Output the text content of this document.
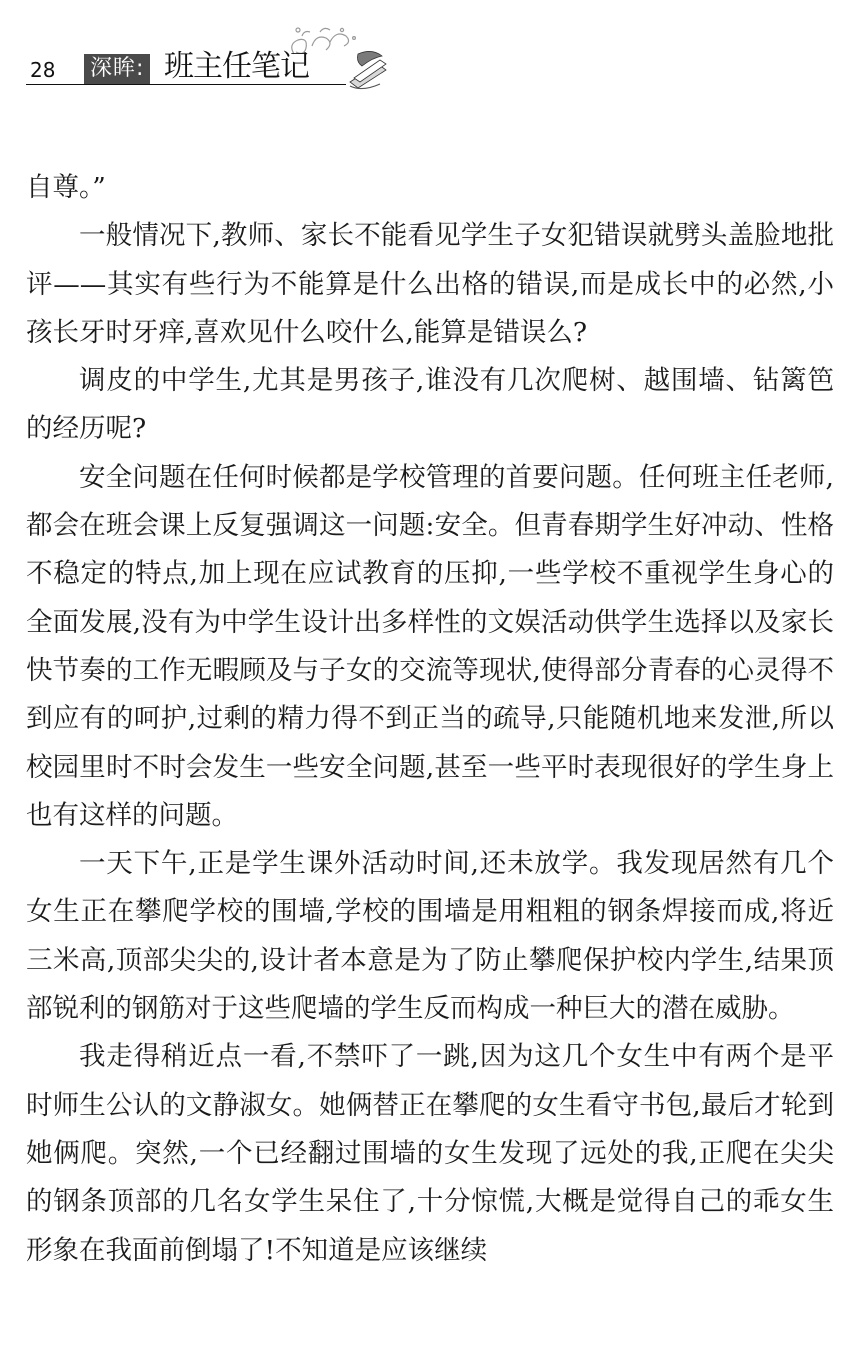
28 深眸: 班主任笔记

自尊。”

一般情况下,教师、家长不能看见学生子女犯错误就劈头盖脸地批评——其实有些行为不能算是什么出格的错误,而是成长中的必然,小孩长牙时牙痒,喜欢见什么咬什么,能算是错误么?

调皮的中学生,尤其是男孩子,谁没有几次爬树、越围墙、钻篱笆的经历呢?

安全问题在任何时候都是学校管理的首要问题。任何班主任老师,都会在班会课上反复强调这一问题:安全。但青春期学生好冲动、性格不稳定的特点,加上现在应试教育的压抑,一些学校不重视学生身心的全面发展,没有为中学生设计出多样性的文娱活动供学生选择以及家长快节奏的工作无暇顾及与子女的交流等现状,使得部分青春的心灵得不到应有的呵护,过剩的精力得不到正当的疏导,只能随机地来发泄,所以校园里时不时会发生一些安全问题,甚至一些平时表现很好的学生身上也有这样的问题。

一天下午,正是学生课外活动时间,还未放学。我发现居然有几个女生正在攀爬学校的围墙,学校的围墙是用粗粗的钢条焊接而成,将近三米高,顶部尖尖的,设计者本意是为了防止攀爬保护校内学生,结果顶部锐利的钢筋对于这些爬墙的学生反而构成一种巨大的潜在威胁。

我走得稍近点一看,不禁吓了一跳,因为这几个女生中有两个是平时师生公认的文静淑女。她俩替正在攀爬的女生看守书包,最后才轮到她俩爬。突然,一个已经翻过围墙的女生发现了远处的我,正爬在尖尖的钢条顶部的几名女学生呆住了,十分惊慌,大概是觉得自己的乖女生形象在我面前倒塌了!不知道是应该继续
